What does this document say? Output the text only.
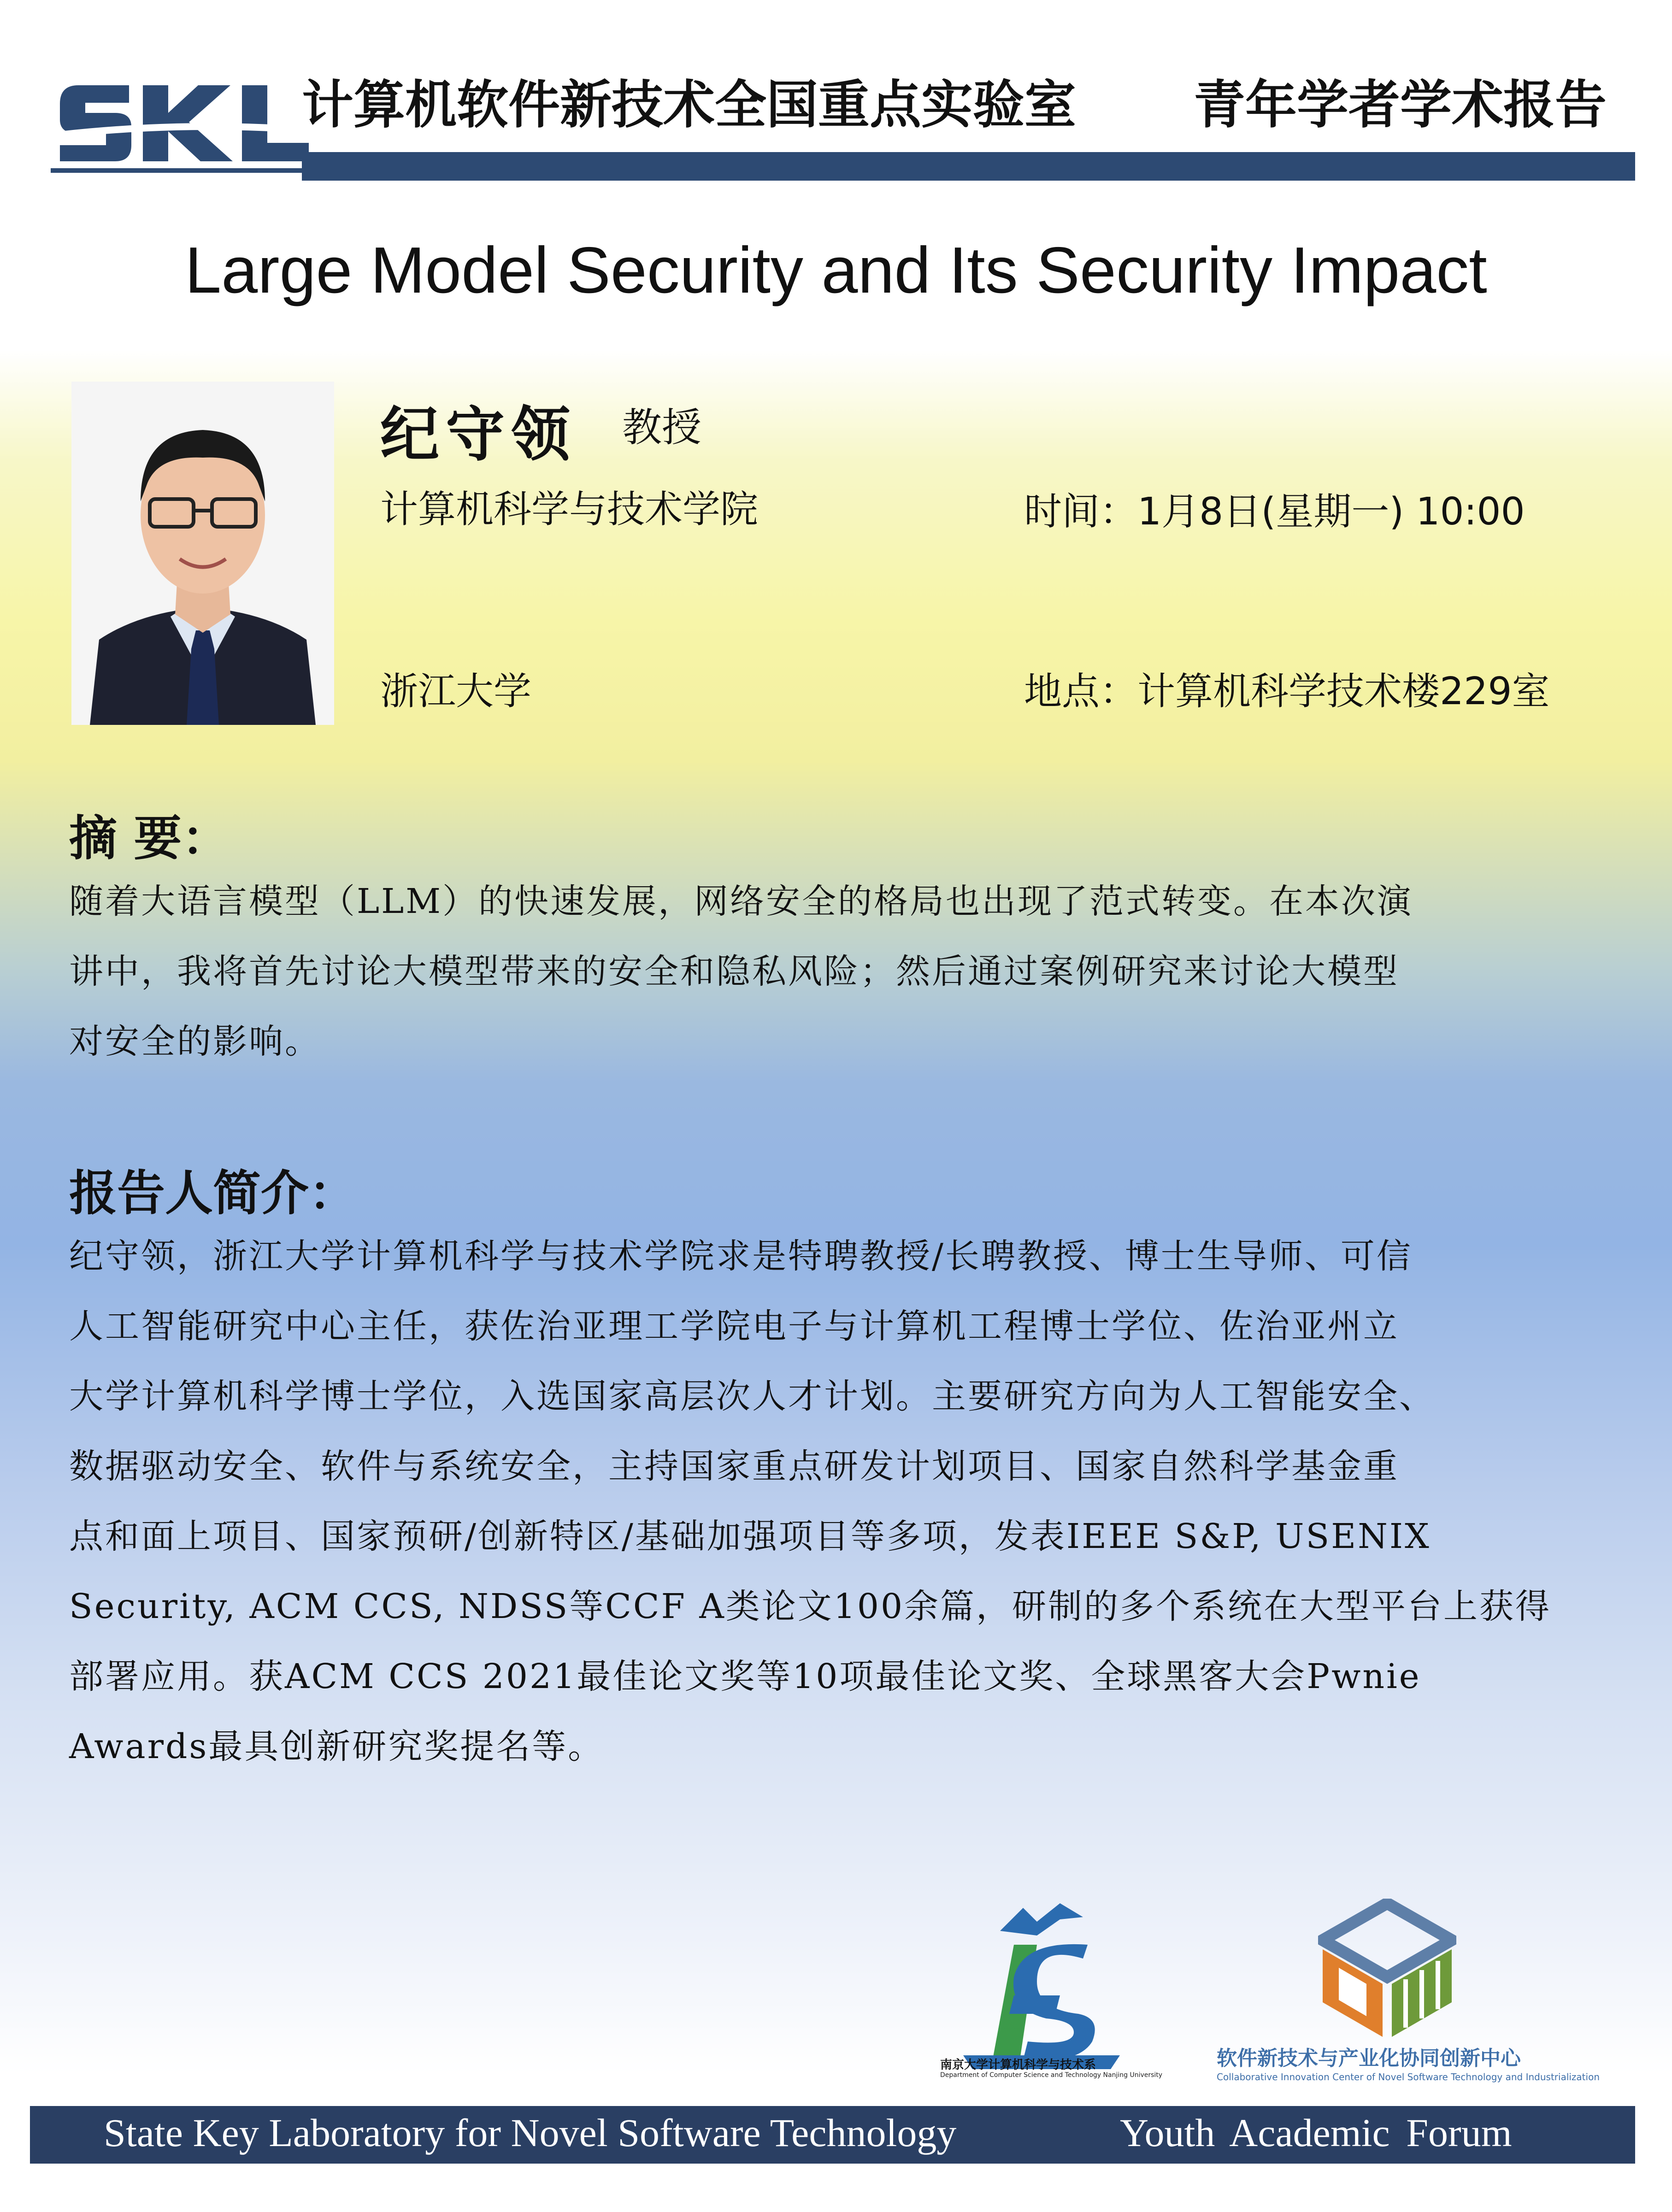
计算机软件新技术全国重点实验室 青年学者学术报告
Large Model Security and Its Security Impact
纪守领 教授
计算机科学与技术学院
浙江大学
时间：1月8日(星期一) 10:00
地点：计算机科学技术楼229室
摘 要：
随着大语言模型（LLM）的快速发展，网络安全的格局也出现了范式转变。在本次演
讲中，我将首先讨论大模型带来的安全和隐私风险；然后通过案例研究来讨论大模型
对安全的影响。
报告人简介：
纪守领，浙江大学计算机科学与技术学院求是特聘教授/长聘教授、博士生导师、可信
人工智能研究中心主任，获佐治亚理工学院电子与计算机工程博士学位、佐治亚州立
大学计算机科学博士学位，入选国家高层次人才计划。主要研究方向为人工智能安全、
数据驱动安全、软件与系统安全，主持国家重点研发计划项目、国家自然科学基金重
点和面上项目、国家预研/创新特区/基础加强项目等多项，发表IEEE S&P, USENIX
Security, ACM CCS, NDSS等CCF A类论文100余篇，研制的多个系统在大型平台上获得
部署应用。获ACM CCS 2021最佳论文奖等10项最佳论文奖、全球黑客大会Pwnie
Awards最具创新研究奖提名等。
南京大学计算机科学与技术系
Department of Computer Science and Technology Nanjing University
软件新技术与产业化协同创新中心
Collaborative Innovation Center of Novel Software Technology and Industrialization
State Key Laboratory for Novel Software Technology	Youth Academic Forum
